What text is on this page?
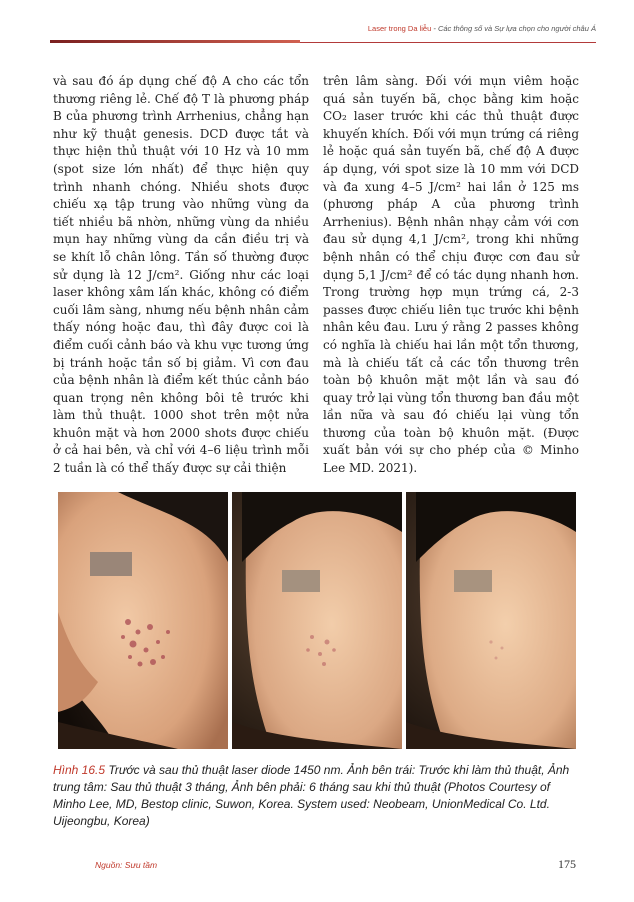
Laser trong Da liễu - Các thông số và Sự lựa chọn cho người châu Á
và sau đó áp dụng chế độ A cho các tổn thương riêng lẻ. Chế độ T là phương pháp B của phương trình Arrhenius, chẳng hạn như kỹ thuật genesis. DCD được tắt và thực hiện thủ thuật với 10 Hz và 10 mm (spot size lớn nhất) để thực hiện quy trình nhanh chóng. Nhiều shots được chiếu xạ tập trung vào những vùng da tiết nhiều bã nhờn, những vùng da nhiều mụn hay những vùng da cần điều trị và se khít lỗ chân lông. Tần số thường được sử dụng là 12 J/cm². Giống như các loại laser không xâm lấn khác, không có điểm cuối lâm sàng, nhưng nếu bệnh nhân cảm thấy nóng hoặc đau, thì đây được coi là điểm cuối cảnh báo và khu vực tương ứng bị tránh hoặc tần số bị giảm. Vì cơn đau của bệnh nhân là điểm kết thúc cảnh báo quan trọng nên không bôi tê trước khi làm thủ thuật. 1000 shot trên một nửa khuôn mặt và hơn 2000 shots được chiếu ở cả hai bên, và chỉ với 4–6 liệu trình mỗi 2 tuần là có thể thấy được sự cải thiện
trên lâm sàng. Đối với mụn viêm hoặc quá sản tuyến bã, chọc bằng kim hoặc CO₂ laser trước khi các thủ thuật được khuyến khích. Đối với mụn trứng cá riêng lẻ hoặc quá sản tuyến bã, chế độ A được áp dụng, với spot size là 10 mm với DCD và đa xung 4–5 J/cm² hai lần ở 125 ms (phương pháp A của phương trình Arrhenius). Bệnh nhân nhạy cảm với cơn đau sử dụng 4,1 J/cm², trong khi những bệnh nhân có thể chịu được cơn đau sử dụng 5,1 J/cm² để có tác dụng nhanh hơn. Trong trường hợp mụn trứng cá, 2-3 passes được chiếu liên tục trước khi bệnh nhân kêu đau. Lưu ý rằng 2 passes không có nghĩa là chiếu hai lần một tổn thương, mà là chiếu tất cả các tổn thương trên toàn bộ khuôn mặt một lần và sau đó quay trở lại vùng tổn thương ban đầu một lần nữa và sau đó chiếu lại vùng tổn thương của toàn bộ khuôn mặt. (Được xuất bản với sự cho phép của © Minho Lee MD. 2021).
Hình 16.5 Trước và sau thủ thuật laser diode 1450 nm. Ảnh bên trái: Trước khi làm thủ thuật, Ảnh trung tâm: Sau thủ thuật 3 tháng, Ảnh bên phải: 6 tháng sau khi thủ thuật (Photos Courtesy of Minho Lee, MD, Bestop clinic, Suwon, Korea. System used: Neobeam, UnionMedical Co. Ltd. Uijeongbu, Korea)
Nguồn: Sưu tầm	175
